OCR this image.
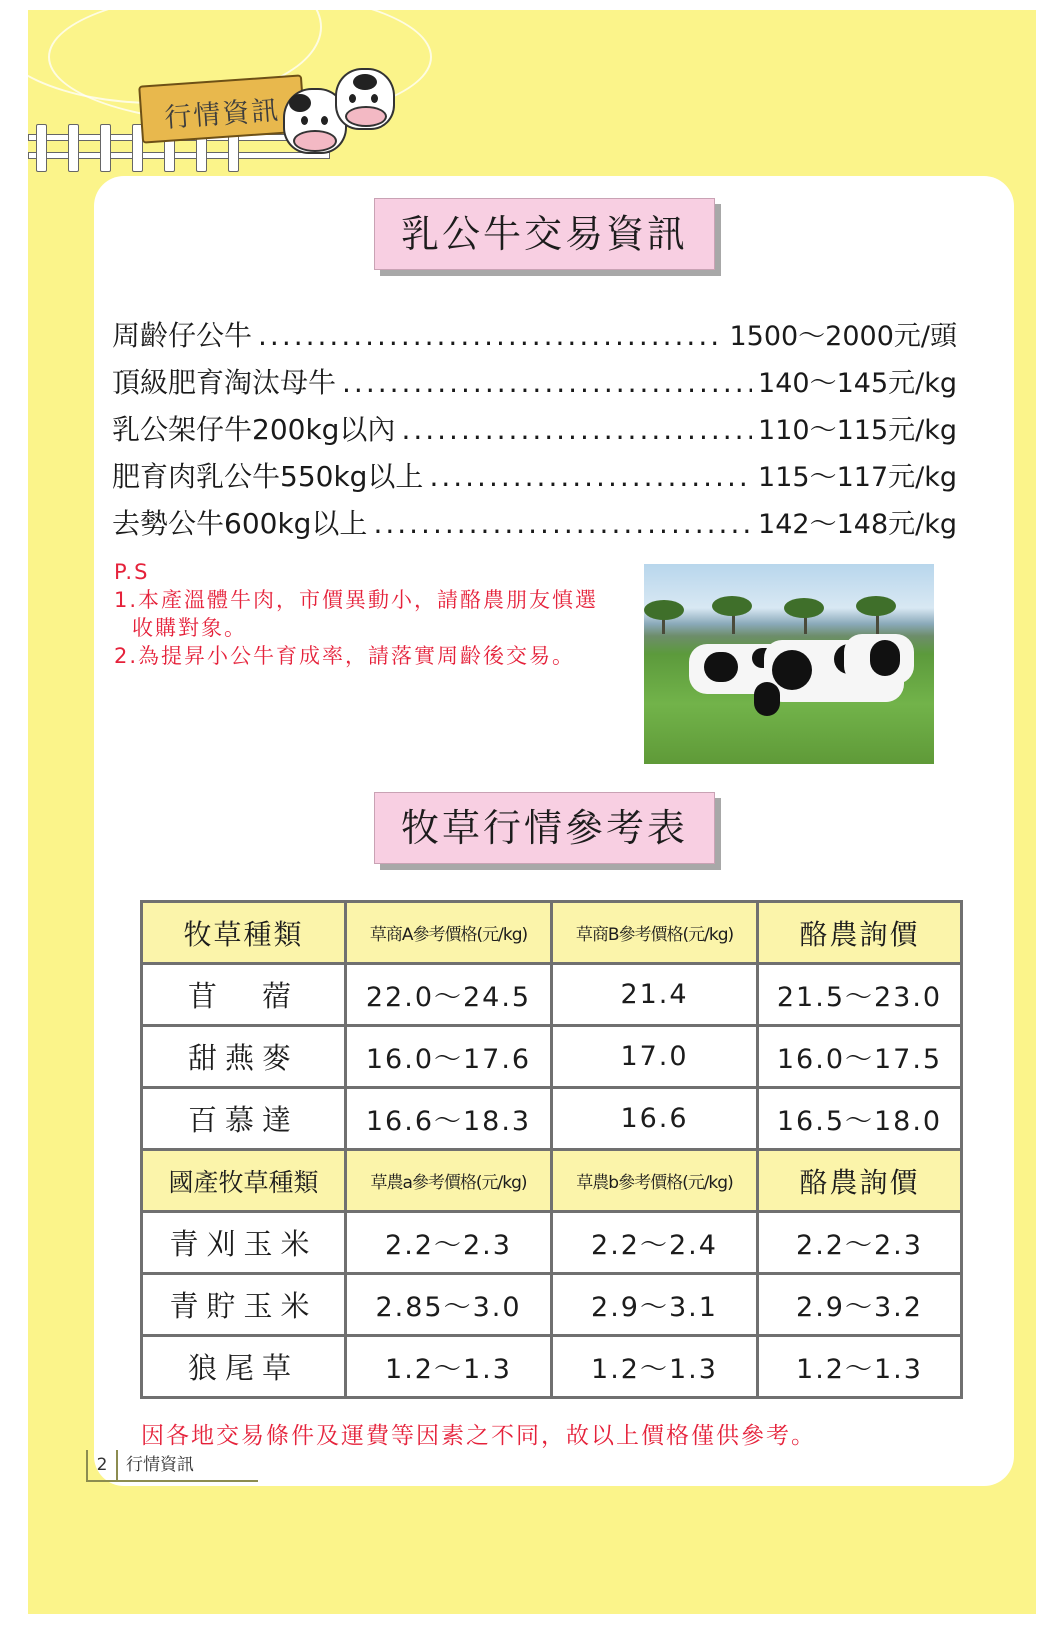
行情資訊
乳公牛交易資訊
周齡仔公牛 .....	1500～2000元/頭
頂級肥育淘汰母牛 .....	140～145元/kg
乳公架仔牛200kg以內 .....	110～115元/kg
肥育肉乳公牛550kg以上 .....	115～117元/kg
去勢公牛600kg以上 .....	142～148元/kg
P.S
1.本產溫體牛肉，市價異動小，請酪農朋友慎選
收購對象。
2.為提昇小公牛育成率，請落實周齡後交易。
牧草行情參考表
牧草種類	草商A參考價格(元/kg)	草商B參考價格(元/kg)	酪農詢價
苜　蓿	22.0～24.5	21.4	21.5～23.0
甜燕麥	16.0～17.6	17.0	16.0～17.5
百慕達	16.6～18.3	16.6	16.5～18.0
國產牧草種類	草農a參考價格(元/kg)	草農b參考價格(元/kg)	酪農詢價
青刈玉米	2.2～2.3	2.2～2.4	2.2～2.3
青貯玉米	2.85～3.0	2.9～3.1	2.9～3.2
狼尾草	1.2～1.3	1.2～1.3	1.2～1.3
因各地交易條件及運費等因素之不同，故以上價格僅供參考。
2 行情資訊
